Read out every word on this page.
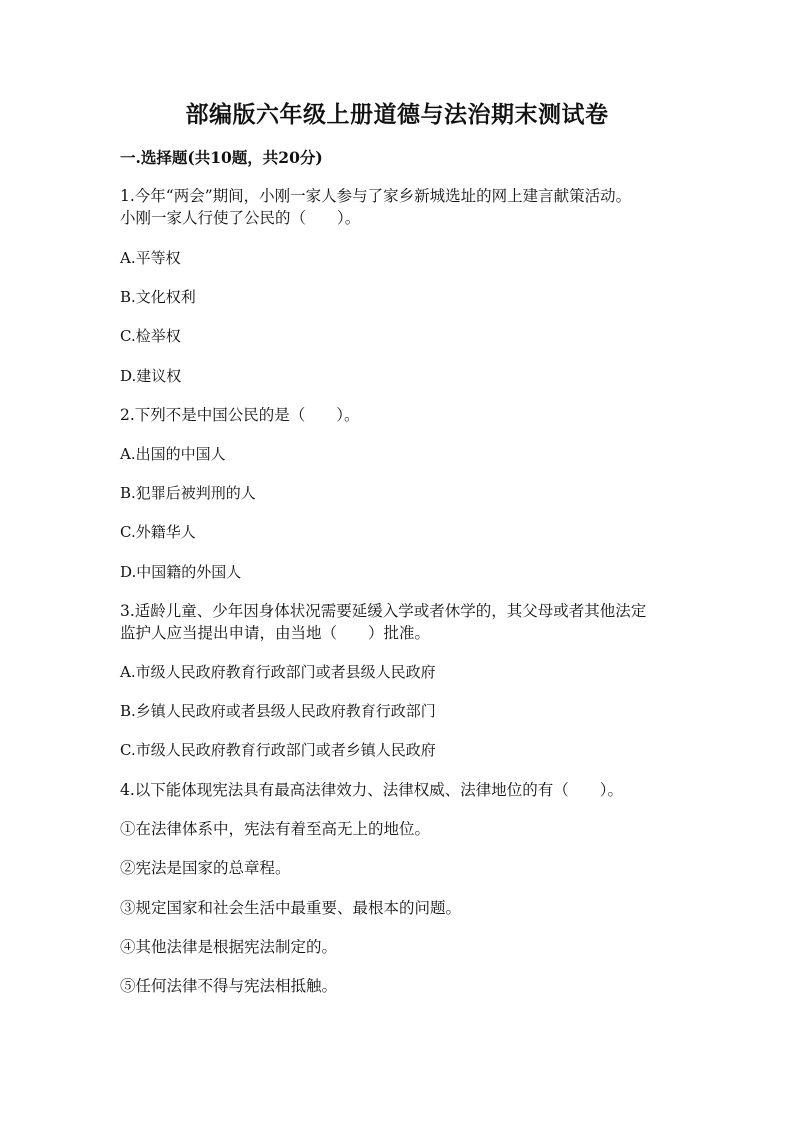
部编版六年级上册道德与法治期末测试卷
一.选择题(共10题，共20分)
1.今年“两会”期间，小刚一家人参与了家乡新城选址的网上建言献策活动。
小刚一家人行使了公民的（　　）。
A.平等权
B.文化权利
C.检举权
D.建议权
2.下列不是中国公民的是（　　）。
A.出国的中国人
B.犯罪后被判刑的人
C.外籍华人
D.中国籍的外国人
3.适龄儿童、少年因身体状况需要延缓入学或者休学的，其父母或者其他法定
监护人应当提出申请，由当地（　　）批准。
A.市级人民政府教育行政部门或者县级人民政府
B.乡镇人民政府或者县级人民政府教育行政部门
C.市级人民政府教育行政部门或者乡镇人民政府
4.以下能体现宪法具有最高法律效力、法律权威、法律地位的有（　　）。
①在法律体系中，宪法有着至高无上的地位。
②宪法是国家的总章程。
③规定国家和社会生活中最重要、最根本的问题。
④其他法律是根据宪法制定的。
⑤任何法律不得与宪法相抵触。
